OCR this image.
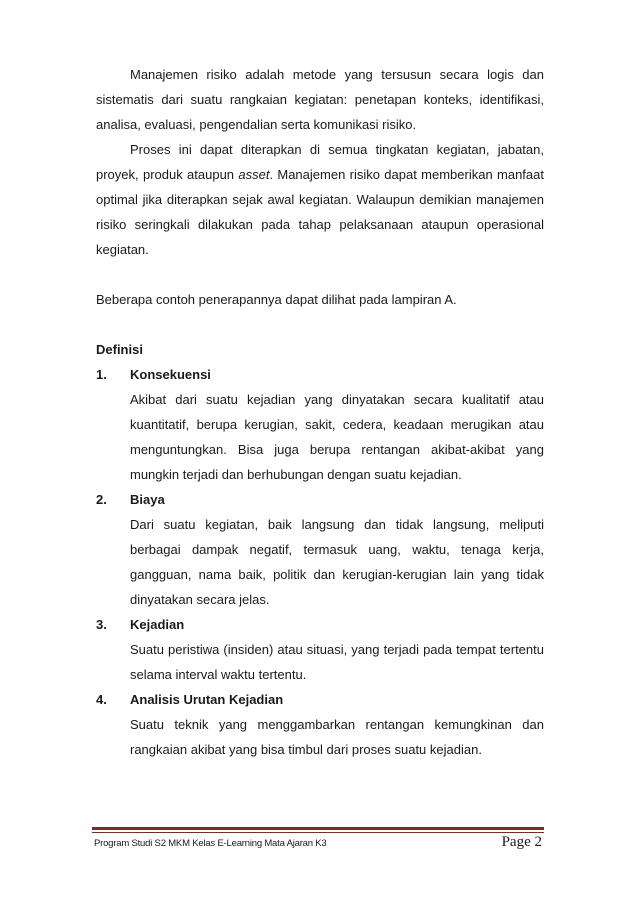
Manajemen risiko adalah metode yang tersusun secara logis dan sistematis dari suatu rangkaian kegiatan: penetapan konteks, identifikasi, analisa, evaluasi, pengendalian serta komunikasi risiko.

Proses ini dapat diterapkan di semua tingkatan kegiatan, jabatan, proyek, produk ataupun asset. Manajemen risiko dapat memberikan manfaat optimal jika diterapkan sejak awal kegiatan. Walaupun demikian manajemen risiko seringkali dilakukan pada tahap pelaksanaan ataupun operasional kegiatan.

Beberapa contoh penerapannya dapat dilihat pada lampiran A.

Definisi

1.	Konsekuensi

Akibat dari suatu kejadian yang dinyatakan secara kualitatif atau kuantitatif, berupa kerugian, sakit, cedera, keadaan merugikan atau menguntungkan. Bisa juga berupa rentangan akibat-akibat yang mungkin terjadi dan berhubungan dengan suatu kejadian.

2.	Biaya

Dari suatu kegiatan, baik langsung dan tidak langsung, meliputi berbagai dampak negatif, termasuk uang, waktu, tenaga kerja, gangguan, nama baik, politik dan kerugian-kerugian lain yang tidak dinyatakan secara jelas.

3.	Kejadian

Suatu peristiwa (insiden) atau situasi, yang terjadi pada tempat tertentu selama interval waktu tertentu.

4.	Analisis Urutan Kejadian

Suatu teknik yang menggambarkan rentangan kemungkinan dan rangkaian akibat yang bisa timbul dari proses suatu kejadian.

Program Studi S2 MKM Kelas E-Learning Mata Ajaran K3	Page 2
